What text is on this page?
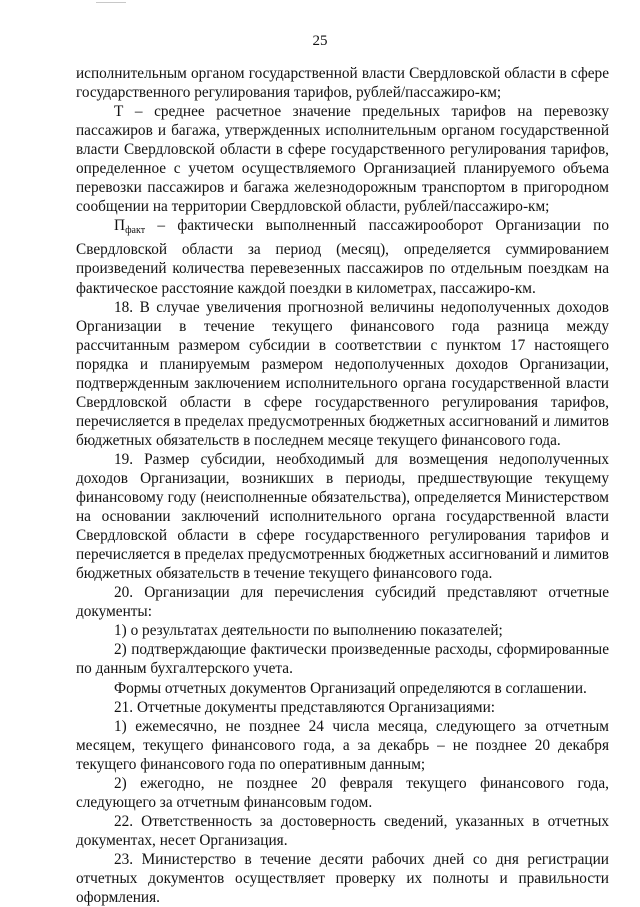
25

исполнительным органом государственной власти Свердловской области в сфере государственного регулирования тарифов, рублей/пассажиро-км;

Т – среднее расчетное значение предельных тарифов на перевозку пассажиров и багажа, утвержденных исполнительным органом государственной власти Свердловской области в сфере государственного регулирования тарифов, определенное с учетом осуществляемого Организацией планируемого объема перевозки пассажиров и багажа железнодорожным транспортом в пригородном сообщении на территории Свердловской области, рублей/пассажиро-км;

$П_{факт}$ – фактически выполненный пассажирооборот Организации по Свердловской области за период (месяц), определяется суммированием произведений количества перевезенных пассажиров по отдельным поездкам на фактическое расстояние каждой поездки в километрах, пассажиро-км.

18. В случае увеличения прогнозной величины недополученных доходов Организации в течение текущего финансового года разница между рассчитанным размером субсидии в соответствии с пунктом 17 настоящего порядка и планируемым размером недополученных доходов Организации, подтвержденным заключением исполнительного органа государственной власти Свердловской области в сфере государственного регулирования тарифов, перечисляется в пределах предусмотренных бюджетных ассигнований и лимитов бюджетных обязательств в последнем месяце текущего финансового года.

19. Размер субсидии, необходимый для возмещения недополученных доходов Организации, возникших в периоды, предшествующие текущему финансовому году (неисполненные обязательства), определяется Министерством на основании заключений исполнительного органа государственной власти Свердловской области в сфере государственного регулирования тарифов и перечисляется в пределах предусмотренных бюджетных ассигнований и лимитов бюджетных обязательств в течение текущего финансового года.

20. Организации для перечисления субсидий представляют отчетные документы:

1) о результатах деятельности по выполнению показателей;

2) подтверждающие фактически произведенные расходы, сформированные по данным бухгалтерского учета.

Формы отчетных документов Организаций определяются в соглашении.

21. Отчетные документы представляются Организациями:

1) ежемесячно, не позднее 24 числа месяца, следующего за отчетным месяцем, текущего финансового года, а за декабрь – не позднее 20 декабря текущего финансового года по оперативным данным;

2) ежегодно, не позднее 20 февраля текущего финансового года, следующего за отчетным финансовым годом.

22. Ответственность за достоверность сведений, указанных в отчетных документах, несет Организация.

23. Министерство в течение десяти рабочих дней со дня регистрации отчетных документов осуществляет проверку их полноты и правильности оформления.
